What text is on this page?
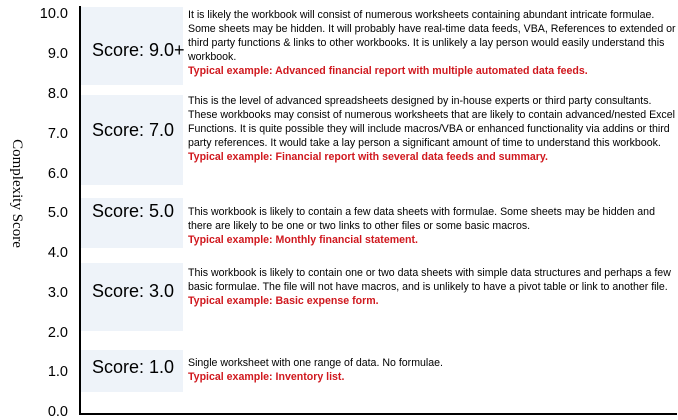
Complexity Score
10.0
9.0
8.0
7.0
6.0
5.0
4.0
3.0
2.0
1.0
0.0
Score: 9.0+

It is likely the workbook will consist of numerous worksheets containing abundant intricate formulae. Some sheets may be hidden. It will probably have real-time data feeds, VBA, References to extended or third party functions & links to other workbooks. It is unlikely a lay person would easily understand this workbook.

Typical example: Advanced financial report with multiple automated data feeds.

Score: 7.0

This is the level of advanced spreadsheets designed by in-house experts or third party consultants. These workbooks may consist of numerous worksheets that are likely to contain advanced/nested Excel Functions. It is quite possible they will include macros/VBA or enhanced functionality via addins or third party references. It would take a lay person a significant amount of time to understand this workbook.

Typical example: Financial report with several data feeds and summary.

Score: 5.0 This workbook is likely to contain a few data sheets with formulae. Some sheets may be hidden and there are likely to be one or two links to other files or some basic macros.

Typical example: Monthly financial statement.

Score: 3.0

This workbook is likely to contain one or two data sheets with simple data structures and perhaps a few basic formulae. The file will not have macros, and is unlikely to have a pivot table or link to another file.

Typical example: Basic expense form.

Score: 1.0 Single worksheet with one range of data. No formulae.

Typical example: Inventory list.
